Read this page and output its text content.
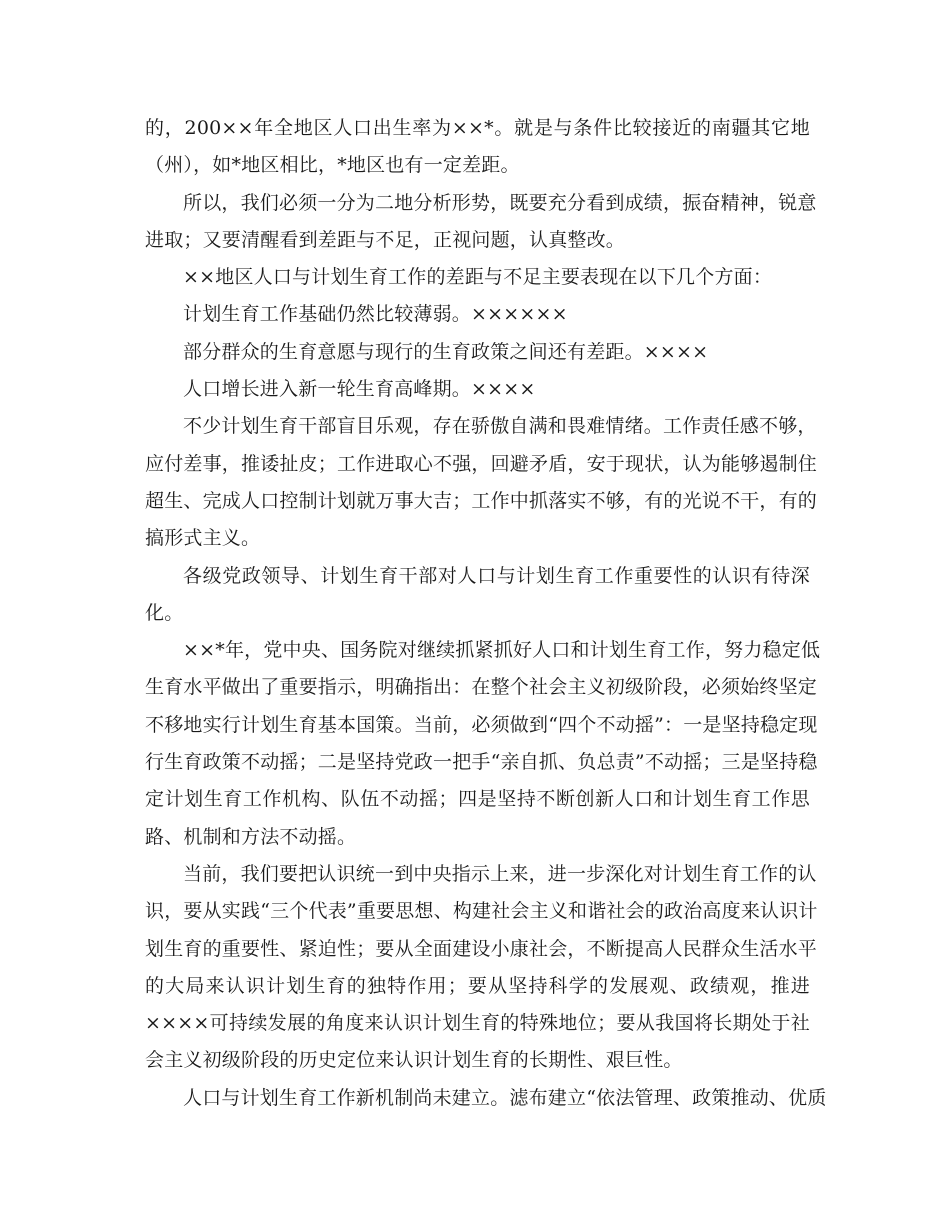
的，200××年全地区人口出生率为××*。就是与条件比较接近的南疆其它地
（州），如*地区相比，*地区也有一定差距。
所以，我们必须一分为二地分析形势，既要充分看到成绩，振奋精神，锐意
进取；又要清醒看到差距与不足，正视问题，认真整改。
××地区人口与计划生育工作的差距与不足主要表现在以下几个方面：
计划生育工作基础仍然比较薄弱。××××××
部分群众的生育意愿与现行的生育政策之间还有差距。××××
人口增长进入新一轮生育高峰期。××××
不少计划生育干部盲目乐观，存在骄傲自满和畏难情绪。工作责任感不够，
应付差事，推诿扯皮；工作进取心不强，回避矛盾，安于现状，认为能够遏制住
超生、完成人口控制计划就万事大吉；工作中抓落实不够，有的光说不干，有的
搞形式主义。
各级党政领导、计划生育干部对人口与计划生育工作重要性的认识有待深
化。
××*年，党中央、国务院对继续抓紧抓好人口和计划生育工作，努力稳定低
生育水平做出了重要指示，明确指出：在整个社会主义初级阶段，必须始终坚定
不移地实行计划生育基本国策。当前，必须做到“四个不动摇”：一是坚持稳定现
行生育政策不动摇；二是坚持党政一把手“亲自抓、负总责”不动摇；三是坚持稳
定计划生育工作机构、队伍不动摇；四是坚持不断创新人口和计划生育工作思
路、机制和方法不动摇。
当前，我们要把认识统一到中央指示上来，进一步深化对计划生育工作的认
识，要从实践“三个代表”重要思想、构建社会主义和谐社会的政治高度来认识计
划生育的重要性、紧迫性；要从全面建设小康社会，不断提高人民群众生活水平
的大局来认识计划生育的独特作用；要从坚持科学的发展观、政绩观，推进
××××可持续发展的角度来认识计划生育的特殊地位；要从我国将长期处于社
会主义初级阶段的历史定位来认识计划生育的长期性、艰巨性。
人口与计划生育工作新机制尚未建立。滤布建立“依法管理、政策推动、优质
